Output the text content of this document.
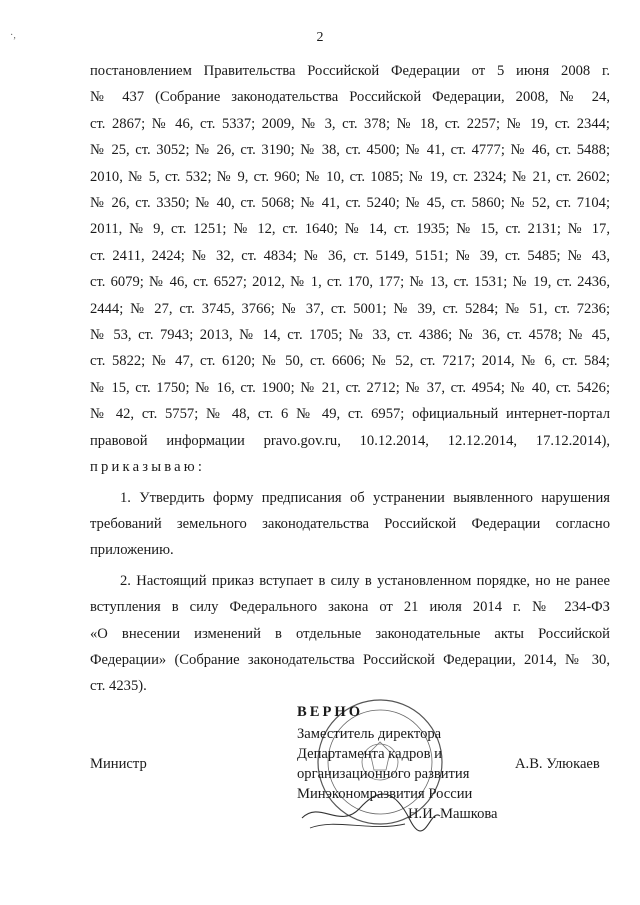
·,	2
постановлением Правительства Российской Федерации от 5 июня 2008 г.
№ 437 (Собрание законодательства Российской Федерации, 2008, № 24,
ст. 2867; № 46, ст. 5337; 2009, № 3, ст. 378; № 18, ст. 2257; № 19, ст. 2344;
№ 25, ст. 3052; № 26, ст. 3190; № 38, ст. 4500; № 41, ст. 4777; № 46, ст. 5488;
2010, № 5, ст. 532; № 9, ст. 960; № 10, ст. 1085; № 19, ст. 2324; № 21, ст. 2602;
№ 26, ст. 3350; № 40, ст. 5068; № 41, ст. 5240; № 45, ст. 5860; № 52, ст. 7104;
2011, № 9, ст. 1251; № 12, ст. 1640; № 14, ст. 1935; № 15, ст. 2131; № 17,
ст. 2411, 2424; № 32, ст. 4834; № 36, ст. 5149, 5151; № 39, ст. 5485; № 43,
ст. 6079; № 46, ст. 6527; 2012, № 1, ст. 170, 177; № 13, ст. 1531; № 19, ст. 2436,
2444; № 27, ст. 3745, 3766; № 37, ст. 5001; № 39, ст. 5284; № 51, ст. 7236;
№ 53, ст. 7943; 2013, № 14, ст. 1705; № 33, ст. 4386; № 36, ст. 4578; № 45,
ст. 5822; № 47, ст. 6120; № 50, ст. 6606; № 52, ст. 7217; 2014, № 6, ст. 584;
№ 15, ст. 1750; № 16, ст. 1900; № 21, ст. 2712; № 37, ст. 4954; № 40, ст. 5426;
№ 42, ст. 5757; № 48, ст. 6 № 49, ст. 6957; официальный интернет-портал
правовой информации pravo.gov.ru, 10.12.2014, 12.12.2014, 17.12.2014),
приказываю:
1. Утвердить форму предписания об устранении выявленного нарушения
требований земельного законодательства Российской Федерации согласно
приложению.
2. Настоящий приказ вступает в силу в установленном порядке, но не ранее
вступления в силу Федерального закона от 21 июля 2014 г. № 234-ФЗ
«О внесении изменений в отдельные законодательные акты Российской
Федерации» (Собрание законодательства Российской Федерации, 2014, № 30,
ст. 4235).
ВЕРНО
Заместитель директора
Департамента кадров и
организационного развития
Минэкономразвития России
Министр	А.В. Улюкаев
Н.И. Машкова
